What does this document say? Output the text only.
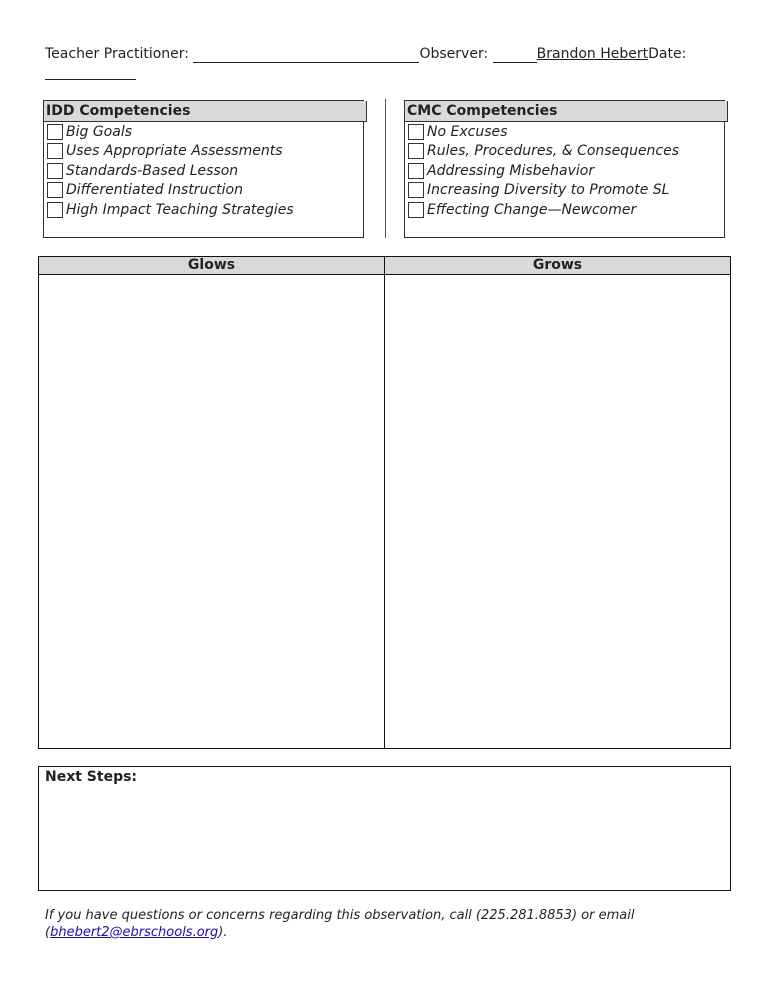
Teacher Practitioner:	Observer:	Brandon HebertDate:
IDD Competencies
Big Goals
Uses Appropriate Assessments
Standards-Based Lesson
Differentiated Instruction
High Impact Teaching Strategies
CMC Competencies
No Excuses
Rules, Procedures, & Consequences
Addressing Misbehavior
Increasing Diversity to Promote SL
Effecting Change—Newcomer
Glows	Grows
Next Steps:
If you have questions or concerns regarding this observation, call (225.281.8853) or email (bhebert2@ebrschools.org).
